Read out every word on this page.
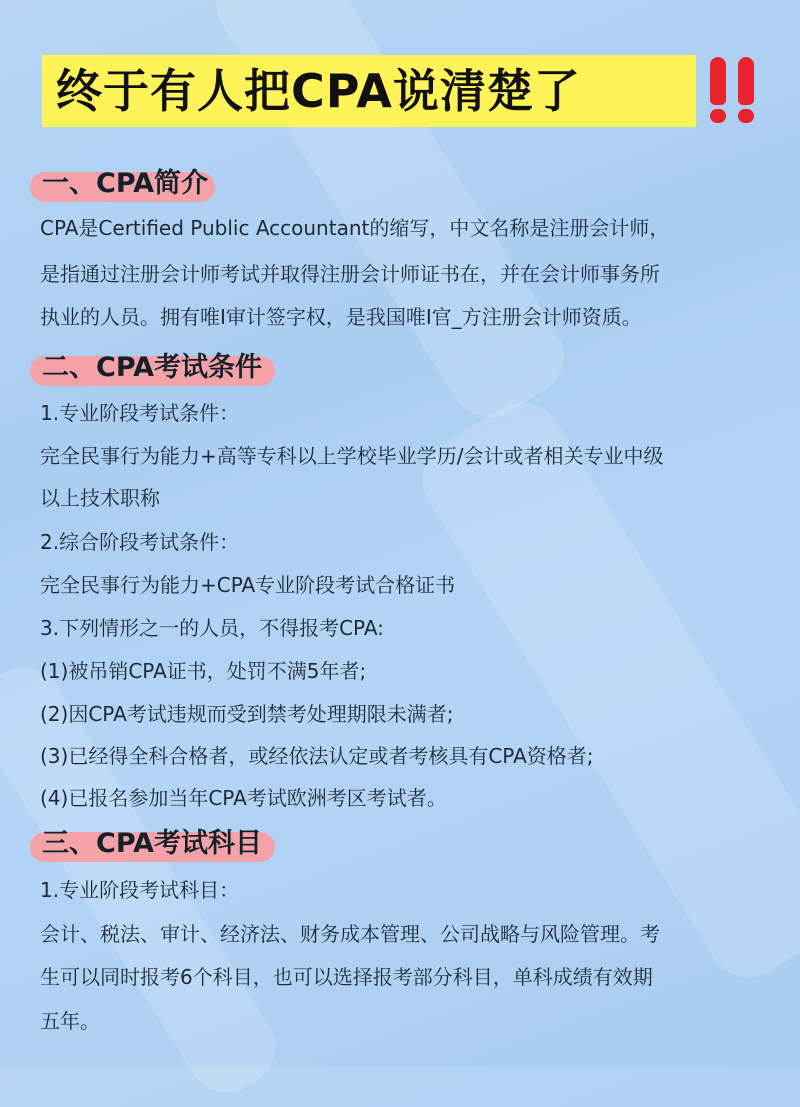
终于有人把CPA说清楚了
一、CPA简介
CPA是Certified Public Accountant的缩写，中文名称是注册会计师，
是指通过注册会计师考试并取得注册会计师证书在，并在会计师事务所
执业的人员。拥有唯I审计签字权，是我国唯I官_方注册会计师资质。
二、CPA考试条件
1.专业阶段考试条件：
完全民事行为能力+高等专科以上学校毕业学历/会计或者相关专业中级
以上技术职称
2.综合阶段考试条件：
完全民事行为能力+CPA专业阶段考试合格证书
3.下列情形之一的人员，不得报考CPA:
(1)被吊销CPA证书，处罚不满5年者;
(2)因CPA考试违规而受到禁考处理期限未满者;
(3)已经得全科合格者，或经依法认定或者考核具有CPA资格者;
(4)已报名参加当年CPA考试欧洲考区考试者。
三、CPA考试科目
1.专业阶段考试科目：
会计、税法、审计、经济法、财务成本管理、公司战略与风险管理。考
生可以同时报考6个科目，也可以选择报考部分科目，单科成绩有效期
五年。
